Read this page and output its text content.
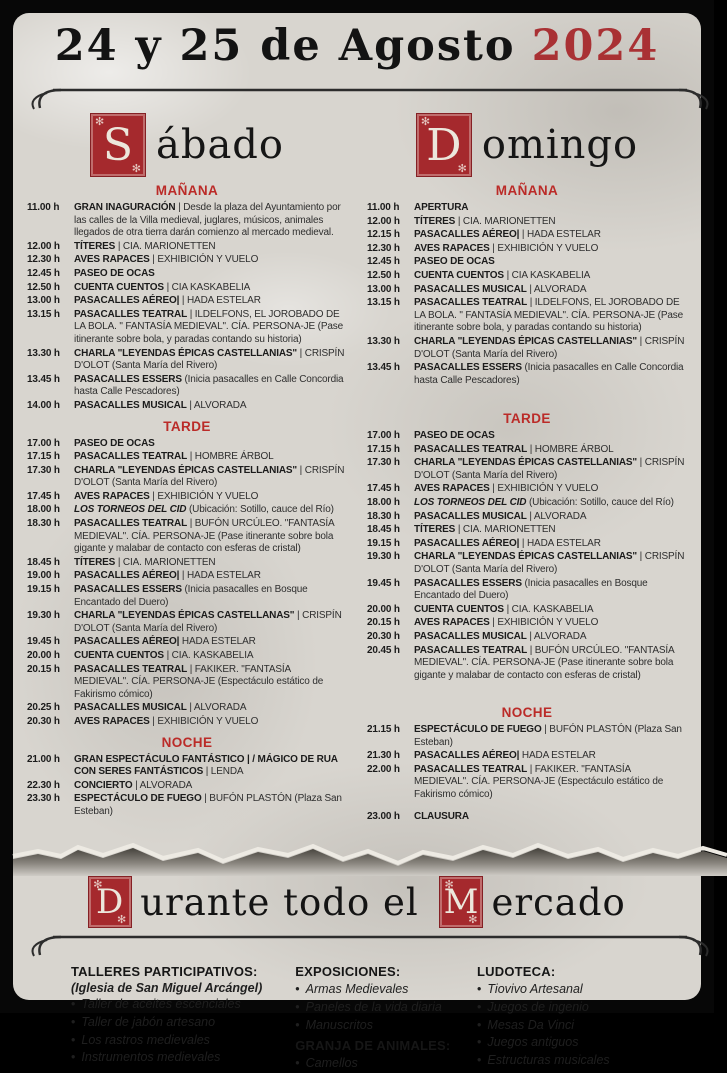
24 y 25 de Agosto 2024
✻ S ✻ ábado
MAÑANA
11.00 h	GRAN INAGURACIÓN | Desde la plaza del Ayuntamiento por las calles de la Villa medieval, juglares, músicos, animales llegados de otra tierra darán comienzo al mercado medieval.
12.00 h	TÍTERES | CIA. MARIONETTEN
12.30 h	AVES RAPACES | EXHIBICIÓN Y VUELO
12.45 h	PASEO DE OCAS
12.50 h	CUENTA CUENTOS | CIA KASKABELIA
13.00 h	PASACALLES AÉREO| | HADA ESTELAR
13.15 h	PASACALLES TEATRAL | ILDELFONS, EL JOROBADO DE LA BOLA. " FANTASÍA MEDIEVAL". CÍA. PERSONA-JE (Pase itinerante sobre bola, y paradas contando su historia)
13.30 h	CHARLA "LEYENDAS ÉPICAS CASTELLANIAS" | CRISPÍN D'OLOT (Santa María del Rivero)
13.45 h	PASACALLES ESSERS (Inicia pasacalles en Calle Concordia hasta Calle Pescadores)
14.00 h	PASACALLES MUSICAL | ALVORADA
TARDE
17.00 h	PASEO DE OCAS
17.15 h	PASACALLES TEATRAL | HOMBRE ÁRBOL
17.30 h	CHARLA "LEYENDAS ÉPICAS CASTELLANIAS" | CRISPÍN D'OLOT (Santa María del Rivero)
17.45 h	AVES RAPACES | EXHIBICIÓN Y VUELO
18.00 h	LOS TORNEOS DEL CID (Ubicación: Sotillo, cauce del Río)
18.30 h	PASACALLES TEATRAL | BUFÓN URCÚLEO. "FANTASÍA MEDIEVAL". CÍA. PERSONA-JE (Pase itinerante sobre bola gigante y malabar de contacto con esferas de cristal)
18.45 h	TÍTERES | CIA. MARIONETTEN
19.00 h	PASACALLES AÉREO| | HADA ESTELAR
19.15 h	PASACALLES ESSERS (Inicia pasacalles en Bosque Encantado del Duero)
19.30 h	CHARLA "LEYENDAS ÉPICAS CASTELLANAS" | CRISPÍN D'OLOT (Santa María del Rivero)
19.45 h	PASACALLES AÉREO| HADA ESTELAR
20.00 h	CUENTA CUENTOS | CIA. KASKABELIA
20.15 h	PASACALLES TEATRAL | FAKIKER. "FANTASÍA MEDIEVAL". CÍA. PERSONA-JE (Espectáculo estático de Fakirismo cómico)
20.25 h	PASACALLES MUSICAL | ALVORADA
20.30 h	AVES RAPACES | EXHIBICIÓN Y VUELO
NOCHE
21.00 h	GRAN ESPECTÁCULO FANTÁSTICO | / MÁGICO DE RUA CON SERES FANTÁSTICOS | LENDA
22.30 h	CONCIERTO | ALVORADA
23.30 h	ESPECTÁCULO DE FUEGO | BUFÓN PLASTÓN (Plaza San Esteban)
✻ D ✻ omingo
MAÑANA
11.00 h	APERTURA
12.00 h	TÍTERES | CIA. MARIONETTEN
12.15 h	PASACALLES AÉREO| | HADA ESTELAR
12.30 h	AVES RAPACES | EXHIBICIÓN Y VUELO
12.45 h	PASEO DE OCAS
12.50 h	CUENTA CUENTOS | CIA KASKABELIA
13.00 h	PASACALLES MUSICAL | ALVORADA
13.15 h	PASACALLES TEATRAL | ILDELFONS, EL JOROBADO DE LA BOLA. " FANTASÍA MEDIEVAL". CÍA. PERSONA-JE (Pase itinerante sobre bola, y paradas contando su historia)
13.30 h	CHARLA "LEYENDAS ÉPICAS CASTELLANIAS" | CRISPÍN D'OLOT (Santa María del Rivero)
13.45 h	PASACALLES ESSERS (Inicia pasacalles en Calle Concordia hasta Calle Pescadores)
TARDE
17.00 h	PASEO DE OCAS
17.15 h	PASACALLES TEATRAL | HOMBRE ÁRBOL
17.30 h	CHARLA "LEYENDAS ÉPICAS CASTELLANIAS" | CRISPÍN D'OLOT (Santa María del Rivero)
17.45 h	AVES RAPACES | EXHIBICIÓN Y VUELO
18.00 h	LOS TORNEOS DEL CID (Ubicación: Sotillo, cauce del Río)
18.30 h	PASACALLES MUSICAL | ALVORADA
18.45 h	TÍTERES | CIA. MARIONETTEN
19.15 h	PASACALLES AÉREO| | HADA ESTELAR
19.30 h	CHARLA "LEYENDAS ÉPICAS CASTELLANIAS" | CRISPÍN D'OLOT (Santa María del Rivero)
19.45 h	PASACALLES ESSERS (Inicia pasacalles en Bosque Encantado del Duero)
20.00 h	CUENTA CUENTOS | CIA. KASKABELIA
20.15 h	AVES RAPACES | EXHIBICIÓN Y VUELO
20.30 h	PASACALLES MUSICAL | ALVORADA
20.45 h	PASACALLES TEATRAL | BUFÓN URCÚLEO. "FANTASÍA MEDIEVAL". CÍA. PERSONA-JE (Pase itinerante sobre bola gigante y malabar de contacto con esferas de cristal)
NOCHE
21.15 h	ESPECTÁCULO DE FUEGO | BUFÓN PLASTÓN (Plaza San Esteban)
21.30 h	PASACALLES AÉREO| HADA ESTELAR
22.00 h	PASACALLES TEATRAL | FAKIKER. "FANTASÍA MEDIEVAL". CÍA. PERSONA-JE (Espectáculo estático de Fakirismo cómico)
23.00 h	CLAUSURA
✻ D ✻ urante todo el ✻ M ✻ ercado
TALLERES PARTICIPATIVOS:
(Iglesia de San Miguel Arcángel)
• Taller de aceites escenciales
• Taller de jabón artesano
• Los rastros medievales
• Instrumentos medievales
EXPOSICIONES:
• Armas Medievales
• Paneles de la vida diaria
• Manuscritos
GRANJA DE ANIMALES:
• Camellos
LUDOTECA:
• Tiovivo Artesanal
• Juegos de ingenio
• Mesas Da Vinci
• Juegos antiguos
• Estructuras musicales
